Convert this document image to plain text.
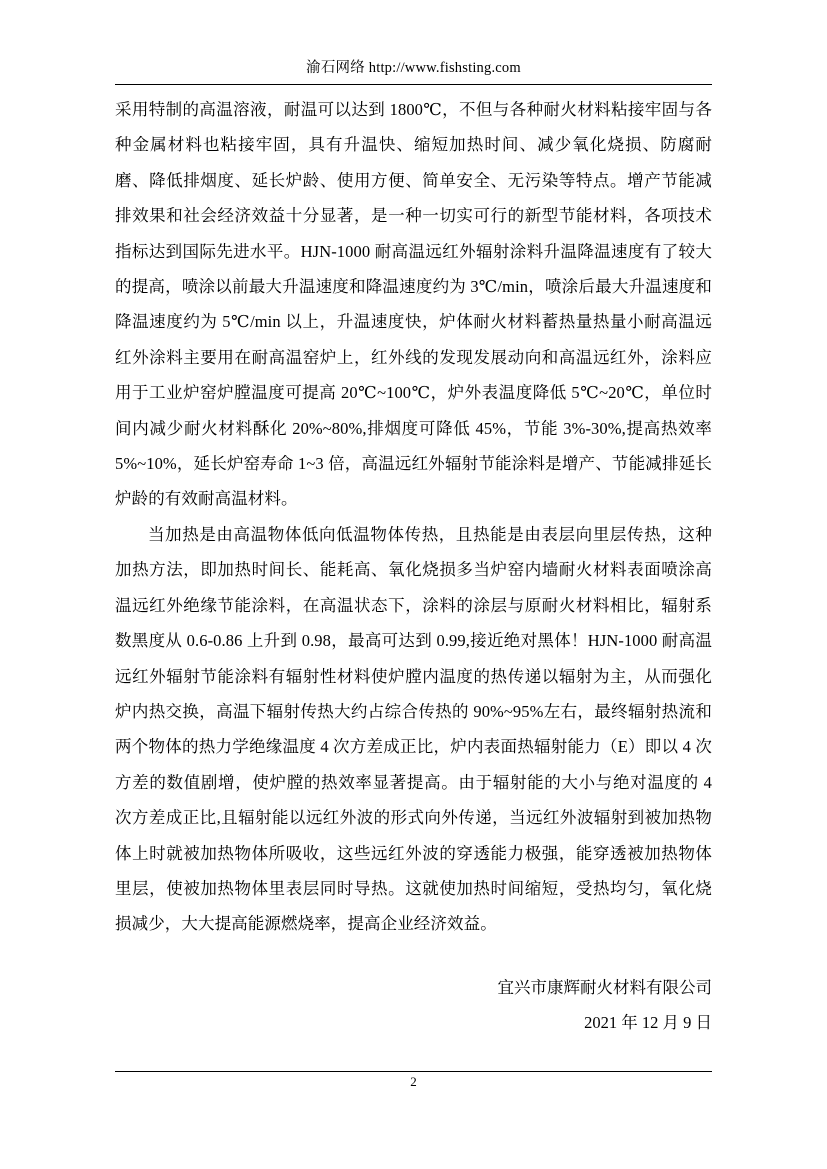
渝石网络 http://www.fishsting.com

采用特制的高温溶液，耐温可以达到 1800℃，不但与各种耐火材料粘接牢固与各种金属材料也粘接牢固，具有升温快、缩短加热时间、减少氧化烧损、防腐耐磨、降低排烟度、延长炉龄、使用方便、简单安全、无污染等特点。增产节能减排效果和社会经济效益十分显著，是一种一切实可行的新型节能材料，各项技术指标达到国际先进水平。HJN-1000 耐高温远红外辐射涂料升温降温速度有了较大的提高，喷涂以前最大升温速度和降温速度约为 3℃/min，喷涂后最大升温速度和降温速度约为 5℃/min 以上，升温速度快，炉体耐火材料蓄热量热量小耐高温远红外涂料主要用在耐高温窑炉上，红外线的发现发展动向和高温远红外，涂料应用于工业炉窑炉膛温度可提高 20℃~100℃，炉外表温度降低 5℃~20℃，单位时间内减少耐火材料酥化 20%~80%,排烟度可降低 45%，节能 3%-30%,提高热效率 5%~10%，延长炉窑寿命 1~3 倍，高温远红外辐射节能涂料是增产、节能减排延长炉龄的有效耐高温材料。

当加热是由高温物体低向低温物体传热，且热能是由表层向里层传热，这种加热方法，即加热时间长、能耗高、氧化烧损多当炉窑内墙耐火材料表面喷涂高温远红外绝缘节能涂料，在高温状态下，涂料的涂层与原耐火材料相比，辐射系数黑度从 0.6-0.86 上升到 0.98，最高可达到 0.99,接近绝对黑体！HJN-1000 耐高温远红外辐射节能涂料有辐射性材料使炉膛内温度的热传递以辐射为主，从而强化炉内热交换，高温下辐射传热大约占综合传热的 90%~95%左右，最终辐射热流和两个物体的热力学绝缘温度 4 次方差成正比，炉内表面热辐射能力（E）即以 4 次方差的数值剧增，使炉膛的热效率显著提高。由于辐射能的大小与绝对温度的 4 次方差成正比,且辐射能以远红外波的形式向外传递，当远红外波辐射到被加热物体上时就被加热物体所吸收，这些远红外波的穿透能力极强，能穿透被加热物体里层，使被加热物体里表层同时导热。这就使加热时间缩短，受热均匀，氧化烧损减少，大大提高能源燃烧率，提高企业经济效益。

宜兴市康辉耐火材料有限公司
2021 年 12 月 9 日
2
